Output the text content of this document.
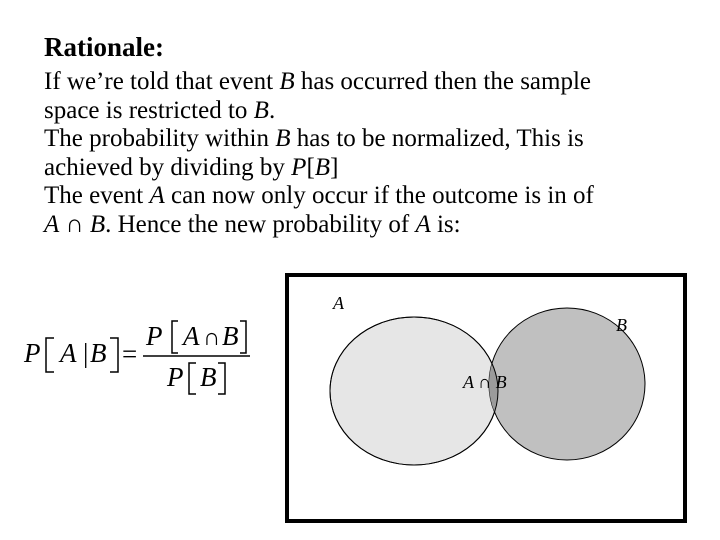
Rationale:

If we’re told that event B has occurred then the sample
space is restricted to B.

The probability within B has to be normalized, This is
achieved by dividing by P[B]

The event A can now only occur if the outcome is in of
A ∩ B. Hence the new probability of A is:

P A | B =
P A ∩ B
P B
A
B
A ∩ B
